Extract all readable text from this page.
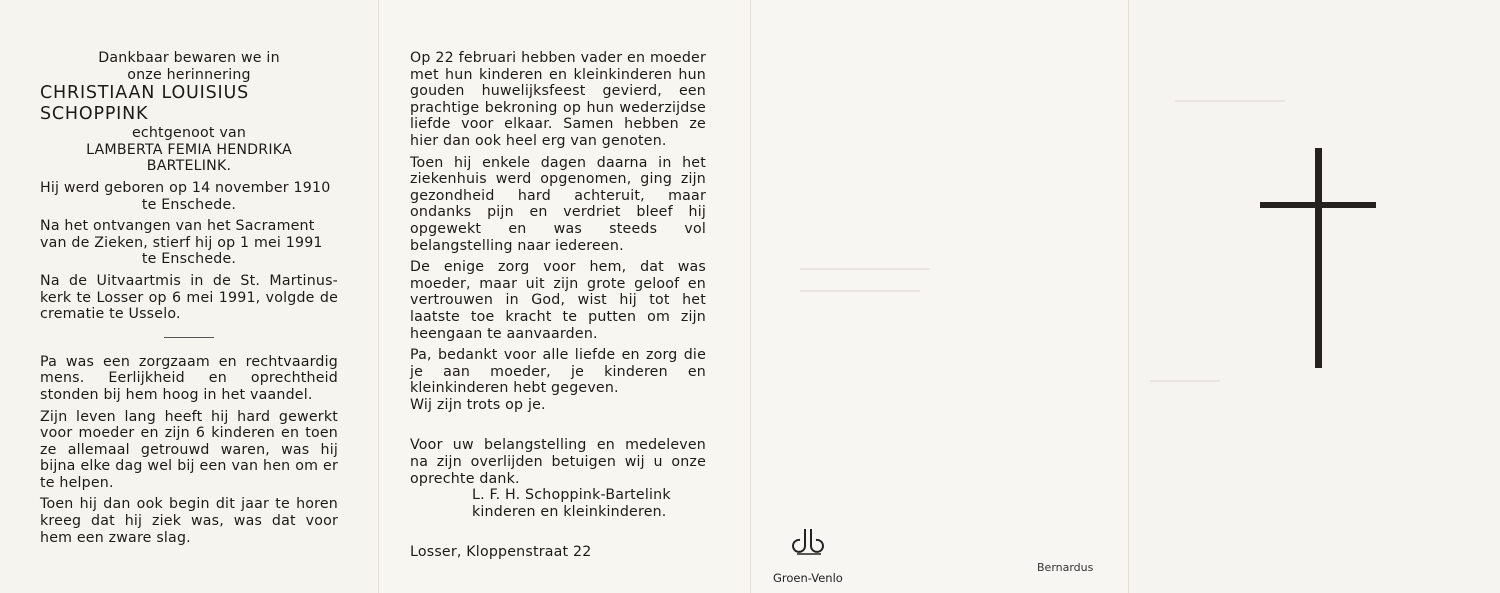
Dankbaar bewaren we in

onze herinnering

CHRISTIAAN LOUISIUS

SCHOPPINK

echtgenoot van

LAMBERTA FEMIA HENDRIKA

BARTELINK.

Hij werd geboren op 14 november 1910

te Enschede.

Na het ontvangen van het Sacrament

van de Zieken, stierf hij op 1 mei 1991

te Enschede.

Na de Uitvaartmis in de St. Martinus-kerk te Losser op 6 mei 1991, volgde de crematie te Usselo.

Pa was een zorgzaam en rechtvaardig mens. Eerlijkheid en oprechtheid stonden bij hem hoog in het vaandel.

Zijn leven lang heeft hij hard gewerkt voor moeder en zijn 6 kinderen en toen ze allemaal getrouwd waren, was hij bijna elke dag wel bij een van hen om er te helpen.

Toen hij dan ook begin dit jaar te horen kreeg dat hij ziek was, was dat voor hem een zware slag.

Op 22 februari hebben vader en moeder met hun kinderen en kleinkinderen hun gouden huwelijksfeest gevierd, een prachtige bekroning op hun wederzijdse liefde voor elkaar. Samen hebben ze hier dan ook heel erg van genoten.

Toen hij enkele dagen daarna in het ziekenhuis werd opgenomen, ging zijn gezondheid hard achteruit, maar ondanks pijn en verdriet bleef hij opgewekt en was steeds vol belangstelling naar iedereen.

De enige zorg voor hem, dat was moeder, maar uit zijn grote geloof en vertrouwen in God, wist hij tot het laatste toe kracht te putten om zijn heengaan te aanvaarden.

Pa, bedankt voor alle liefde en zorg die je aan moeder, je kinderen en kleinkinderen hebt gegeven.

Wij zijn trots op je.

Voor uw belangstelling en medeleven na zijn overlijden betuigen wij u onze oprechte dank.

L. F. H. Schoppink-Bartelink

kinderen en kleinkinderen.

Losser, Kloppenstraat 22

Groen-Venlo
Bernardus
